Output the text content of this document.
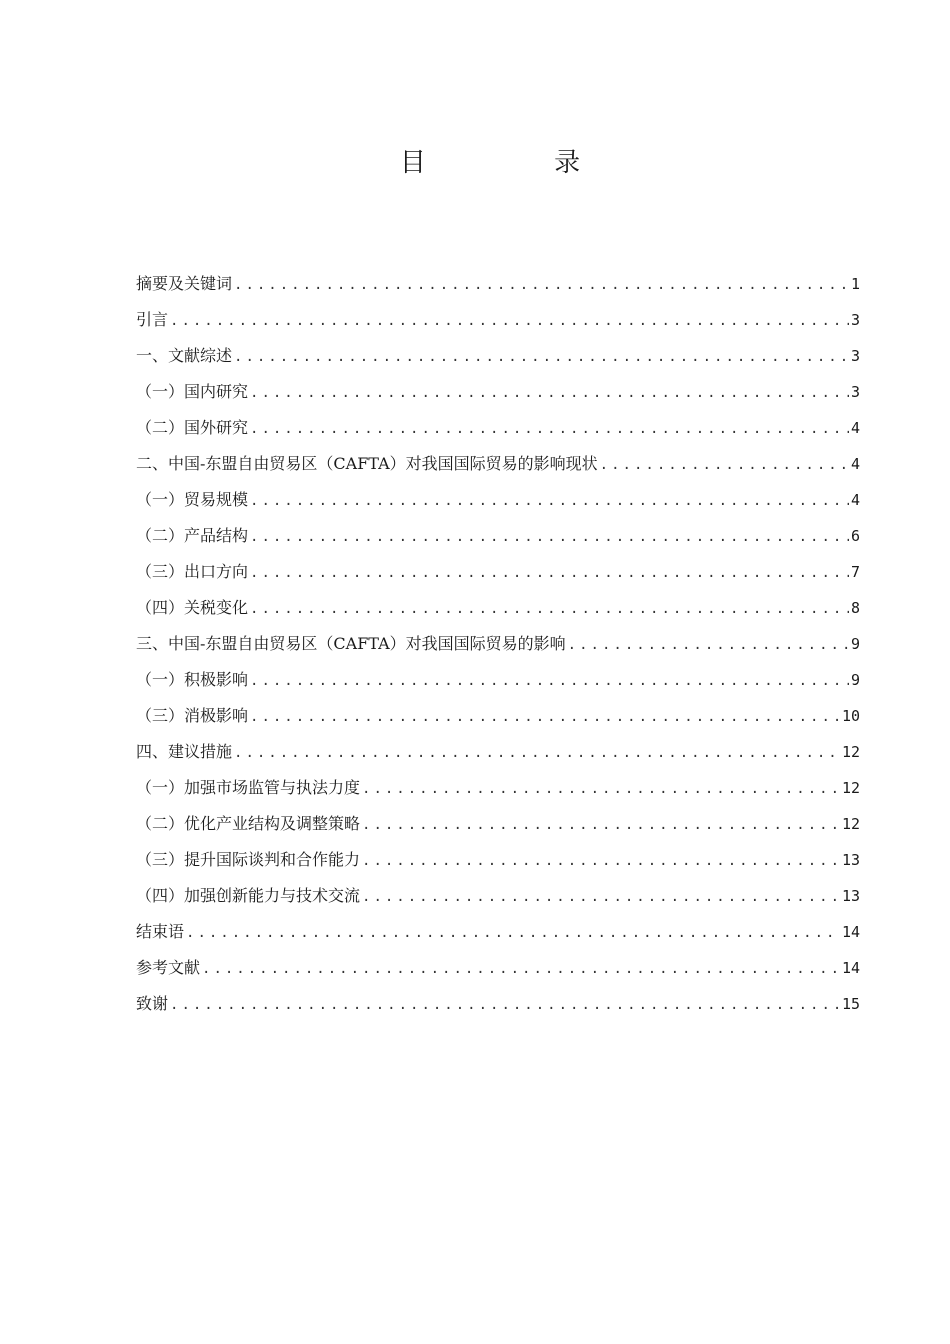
目 录
摘要及关键词 .....	1
引言 .....	3
一、文献综述 .....	3
（一）国内研究 .....	3
（二）国外研究 .....	4
二、中国-东盟自由贸易区（CAFTA）对我国国际贸易的影响现状 .....	4
（一）贸易规模 .....	4
（二）产品结构 .....	6
（三）出口方向 .....	7
（四）关税变化 .....	8
三、中国-东盟自由贸易区（CAFTA）对我国国际贸易的影响 .....	9
（一）积极影响 .....	9
（三）消极影响 .....	10
四、建议措施 .....	12
（一）加强市场监管与执法力度 .....	12
（二）优化产业结构及调整策略 .....	12
（三）提升国际谈判和合作能力 .....	13
（四）加强创新能力与技术交流 .....	13
结束语 .....	14
参考文献 .....	14
致谢 .....	15
